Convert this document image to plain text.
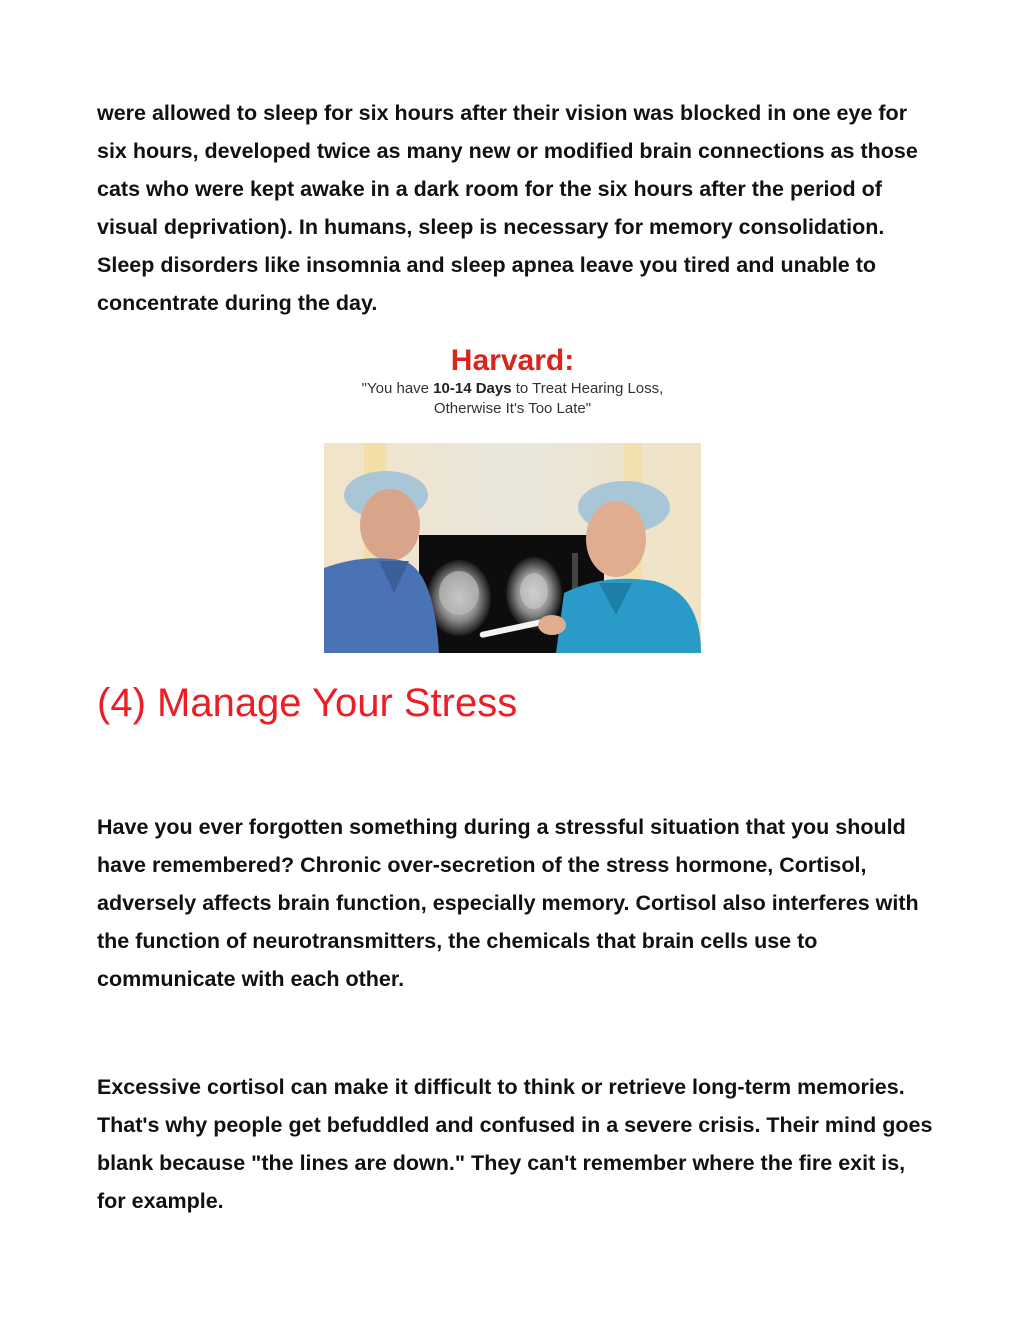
were allowed to sleep for six hours after their vision was blocked in one eye for six hours, developed twice as many new or modified brain connections as those cats who were kept awake in a dark room for the six hours after the period of visual deprivation). In humans, sleep is necessary for memory consolidation. Sleep disorders like insomnia and sleep apnea leave you tired and unable to concentrate during the day.

Harvard:
"You have 10-14 Days to Treat Hearing Loss,
Otherwise It's Too Late"
(4) Manage Your Stress

Have you ever forgotten something during a stressful situation that you should have remembered? Chronic over-secretion of the stress hormone, Cortisol, adversely affects brain function, especially memory. Cortisol also interferes with the function of neurotransmitters, the chemicals that brain cells use to communicate with each other.

Excessive cortisol can make it difficult to think or retrieve long-term memories. That's why people get befuddled and confused in a severe crisis. Their mind goes blank because "the lines are down." They can't remember where the fire exit is, for example.
